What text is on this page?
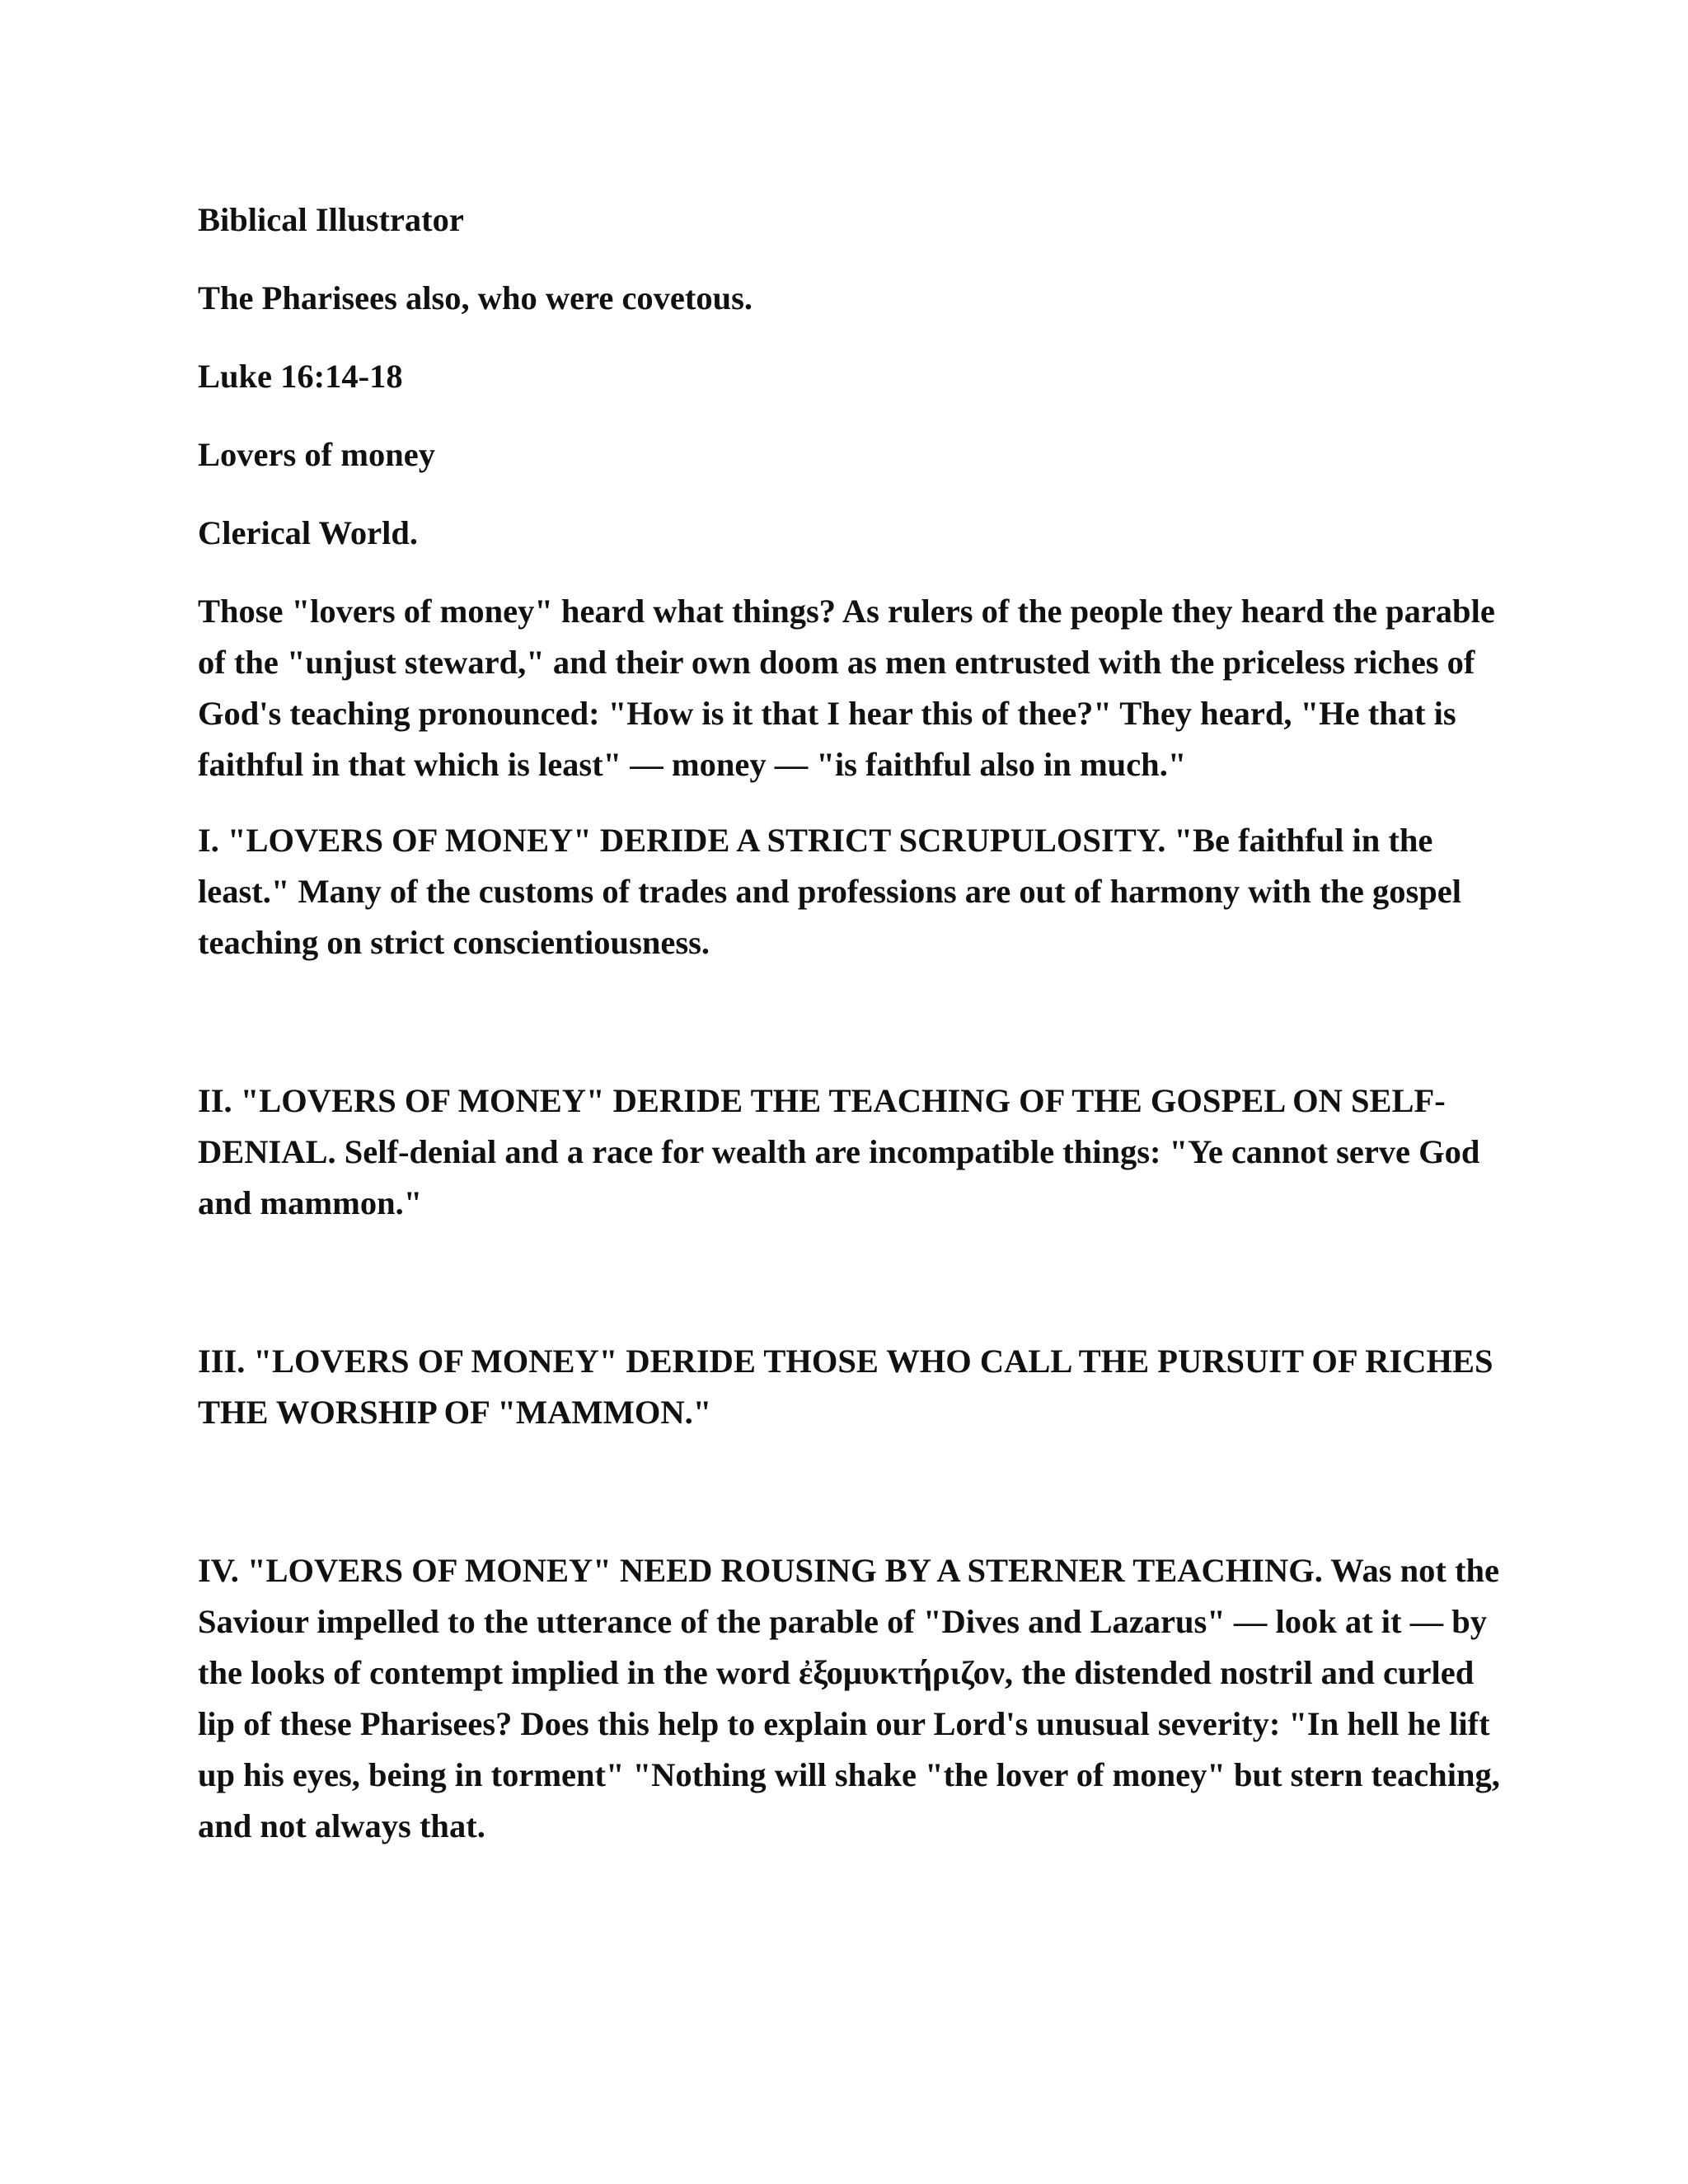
Biblical Illustrator

The Pharisees also, who were covetous.

Luke 16:14-18

Lovers of money

Clerical World.

Those "lovers of money" heard what things? As rulers of the people they heard the parable of the "unjust steward," and their own doom as men entrusted with the priceless riches of God's teaching pronounced: "How is it that I hear this of thee?" They heard, "He that is faithful in that which is least" — money — "is faithful also in much."

I. "LOVERS OF MONEY" DERIDE A STRICT SCRUPULOSITY. "Be faithful in the least." Many of the customs of trades and professions are out of harmony with the gospel teaching on strict conscientiousness.

II. "LOVERS OF MONEY" DERIDE THE TEACHING OF THE GOSPEL ON SELF-DENIAL. Self-denial and a race for wealth are incompatible things: "Ye cannot serve God and mammon."

III. "LOVERS OF MONEY" DERIDE THOSE WHO CALL THE PURSUIT OF RICHES THE WORSHIP OF "MAMMON."

IV. "LOVERS OF MONEY" NEED ROUSING BY A STERNER TEACHING. Was not the Saviour impelled to the utterance of the parable of "Dives and Lazarus" — look at it — by the looks of contempt implied in the word ἐξομυκτήριζον, the distended nostril and curled lip of these Pharisees? Does this help to explain our Lord's unusual severity: "In hell he lift up his eyes, being in torment" "Nothing will shake "the lover of money" but stern teaching, and not always that.
